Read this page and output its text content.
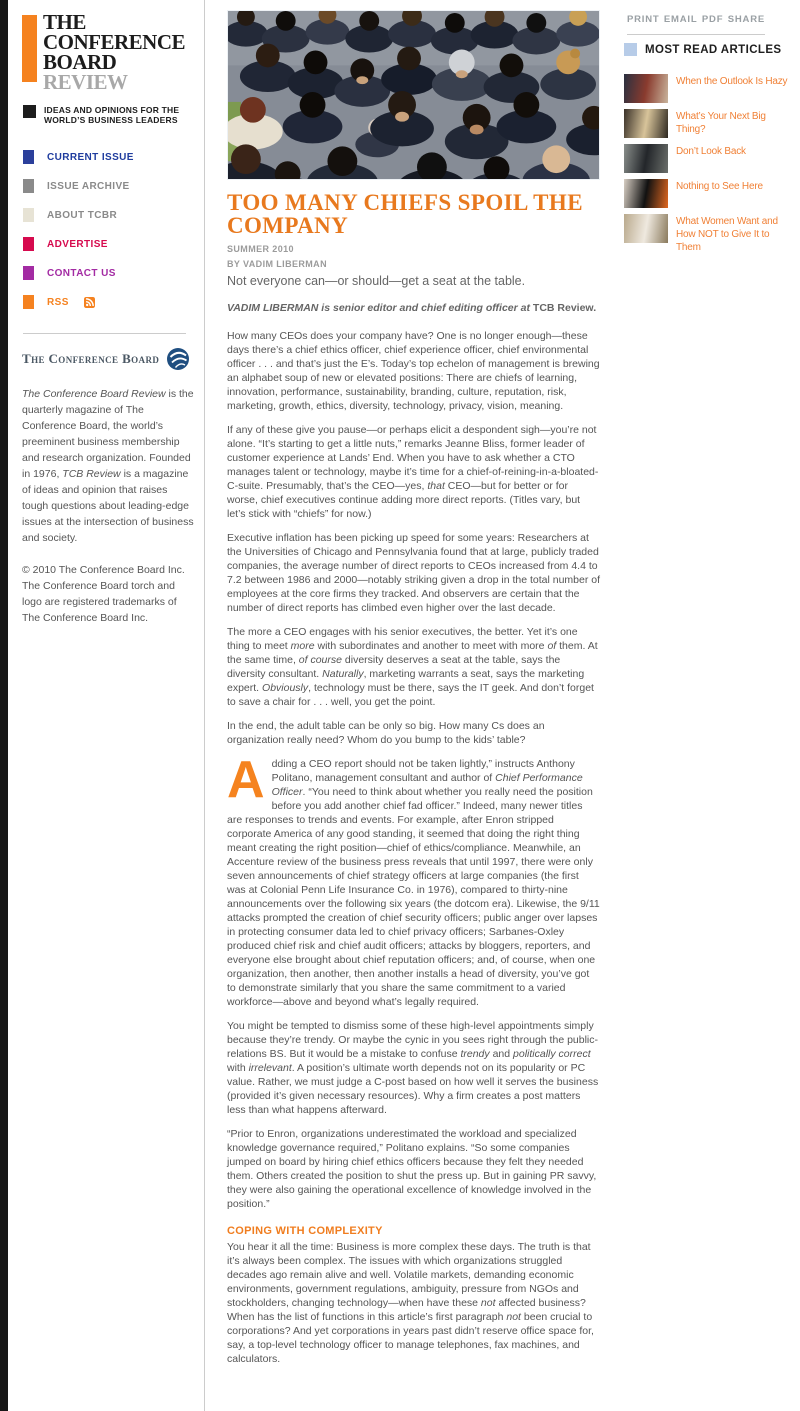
THE
CONFERENCE
BOARD
REVIEW
IDEAS AND OPINIONS FOR THE
WORLD’S BUSINESS LEADERS
CURRENT ISSUE
ISSUE ARCHIVE
ABOUT TCBR
ADVERTISE
CONTACT US
RSS
The Conference Board

The Conference Board Review is the quarterly magazine of The Conference Board, the world’s preeminent business membership and research organization. Founded in 1976, TCB Review is a magazine of ideas and opinion that raises tough questions about leading-edge issues at the intersection of business and society.

© 2010 The Conference Board Inc.
The Conference Board torch and logo are registered trademarks of The Conference Board Inc.
TOO MANY CHIEFS SPOIL THE COMPANY
SUMMER 2010
BY VADIM LIBERMAN

Not everyone can—or should—get a seat at the table.

VADIM LIBERMAN is senior editor and chief editing officer at TCB Review.

How many CEOs does your company have? One is no longer enough—these days there’s a chief ethics officer, chief experience officer, chief environmental officer . . . and that’s just the E’s. Today’s top echelon of management is brewing an alphabet soup of new or elevated positions: There are chiefs of learning, innovation, performance, sustainability, branding, culture, reputation, risk, marketing, growth, ethics, diversity, technology, privacy, vision, meaning.

If any of these give you pause—or perhaps elicit a despondent sigh—you’re not alone. “It’s starting to get a little nuts,” remarks Jeanne Bliss, former leader of customer experience at Lands’ End. When you have to ask whether a CTO manages talent or technology, maybe it’s time for a chief-of-reining-in-a-bloated-C-suite. Presumably, that’s the CEO—yes, that CEO—but for better or for worse, chief executives continue adding more direct reports. (Titles vary, but let’s stick with “chiefs” for now.)

Executive inflation has been picking up speed for some years: Researchers at the Universities of Chicago and Pennsylvania found that at large, publicly traded companies, the average number of direct reports to CEOs increased from 4.4 to 7.2 between 1986 and 2000—notably striking given a drop in the total number of employees at the core firms they tracked. And observers are certain that the number of direct reports has climbed even higher over the last decade.

The more a CEO engages with his senior executives, the better. Yet it’s one thing to meet more with subordinates and another to meet with more of them. At the same time, of course diversity deserves a seat at the table, says the diversity consultant. Naturally, marketing warrants a seat, says the marketing expert. Obviously, technology must be there, says the IT geek. And don’t forget to save a chair for . . . well, you get the point.

In the end, the adult table can be only so big. How many Cs does an organization really need? Whom do you bump to the kids’ table?

Adding a CEO report should not be taken lightly,” instructs Anthony Politano, management consultant and author of Chief Performance Officer. “You need to think about whether you really need the position before you add another chief fad officer.” Indeed, many newer titles are responses to trends and events. For example, after Enron stripped corporate America of any good standing, it seemed that doing the right thing meant creating the right position—chief of ethics/compliance. Meanwhile, an Accenture review of the business press reveals that until 1997, there were only seven announcements of chief strategy officers at large companies (the first was at Colonial Penn Life Insurance Co. in 1976), compared to thirty-nine announcements over the following six years (the dotcom era). Likewise, the 9/11 attacks prompted the creation of chief security officers; public anger over lapses in protecting consumer data led to chief privacy officers; Sarbanes-Oxley produced chief risk and chief audit officers; attacks by bloggers, reporters, and everyone else brought about chief reputation officers; and, of course, when one organization, then another, then another installs a head of diversity, you’ve got to demonstrate similarly that you share the same commitment to a varied workforce—above and beyond what’s legally required.

You might be tempted to dismiss some of these high-level appointments simply because they’re trendy. Or maybe the cynic in you sees right through the public-relations BS. But it would be a mistake to confuse trendy and politically correct with irrelevant. A position’s ultimate worth depends not on its popularity or PC value. Rather, we must judge a C-post based on how well it serves the business (provided it’s given necessary resources). Why a firm creates a post matters less than what happens afterward.

“Prior to Enron, organizations underestimated the workload and specialized knowledge governance required,” Politano explains. “So some companies jumped on board by hiring chief ethics officers because they felt they needed them. Others created the position to shut the press up. But in gaining PR savvy, they were also gaining the operational excellence of knowledge involved in the position.”

COPING WITH COMPLEXITY

You hear it all the time: Business is more complex these days. The truth is that it’s always been complex. The issues with which organizations struggled decades ago remain alive and well. Volatile markets, demanding economic environments, government regulations, ambiguity, pressure from NGOs and stockholders, changing technology—when have these not affected business? When has the list of functions in this article’s first paragraph not been crucial to corporations? And yet corporations in years past didn’t reserve office space for, say, a top-level technology officer to manage telephones, fax machines, and calculators.

PRINT EMAIL PDF SHARE
MOST READ ARTICLES
When the Outlook Is Hazy
What’s Your Next Big Thing?
Don’t Look Back
Nothing to See Here
What Women Want and How NOT to Give It to Them
